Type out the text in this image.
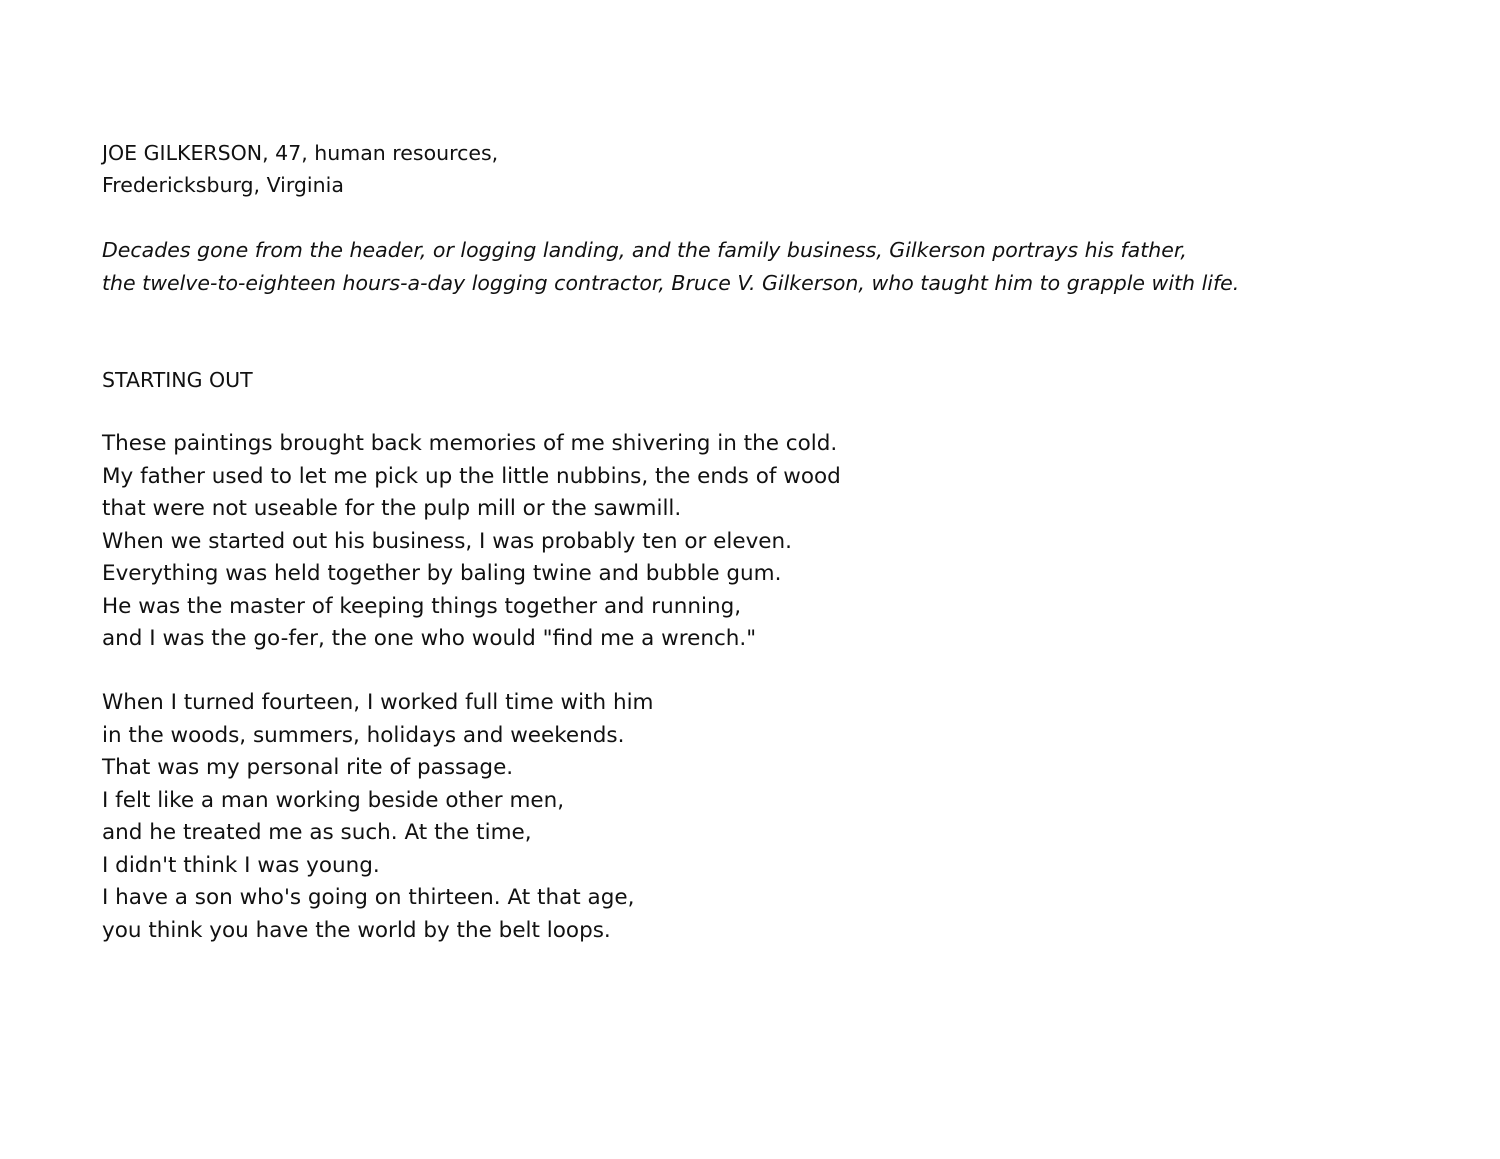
JOE GILKERSON, 47, human resources,
Fredericksburg, Virginia
Decades gone from the header, or logging landing, and the family business, Gilkerson portrays his father,
the twelve-to-eighteen hours-a-day logging contractor, Bruce V. Gilkerson, who taught him to grapple with life.
STARTING OUT
These paintings brought back memories of me shivering in the cold.
My father used to let me pick up the little nubbins, the ends of wood
that were not useable for the pulp mill or the sawmill.
When we started out his business, I was probably ten or eleven.
Everything was held together by baling twine and bubble gum.
He was the master of keeping things together and running,
and I was the go-fer, the one who would "find me a wrench."
When I turned fourteen, I worked full time with him
in the woods, summers, holidays and weekends.
That was my personal rite of passage.
I felt like a man working beside other men,
and he treated me as such. At the time,
I didn't think I was young.
I have a son who's going on thirteen. At that age,
you think you have the world by the belt loops.
